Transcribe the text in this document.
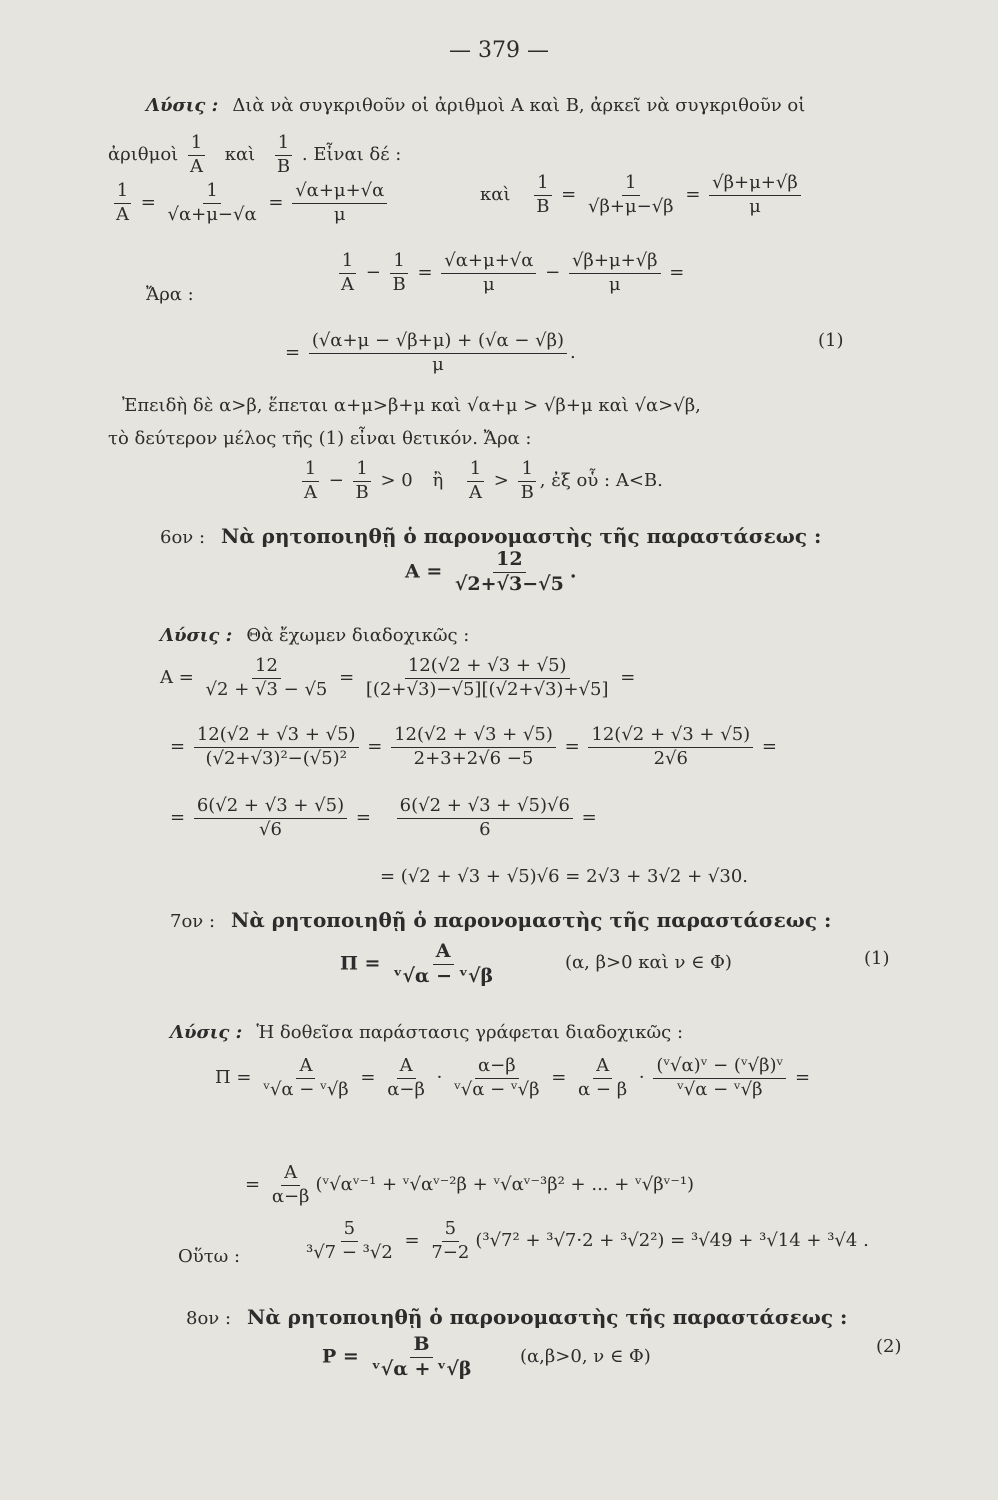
— 379 —
Λύσις : Διὰ νὰ συγκριθοῦν οἱ ἀριθμοὶ Α καὶ Β, ἀρκεῖ νὰ συγκριθοῦν οἱ
ἀριθμοὶ $\frac{1}{A}$ καὶ $\frac{1}{B}$ . Εἶναι δέ :
$\frac{1}{A} = \frac{1}{√\alpha+\mu-√\alpha} = \frac{√\alpha+\mu+√\alpha}{\mu}$	καὶ $\frac{1}{B} = \frac{1}{√\beta+\mu-√\beta} = \frac{√\beta+\mu+√\beta}{\mu}$
Ἄρα :	$\frac{1}{A} - \frac{1}{B} = \frac{√\alpha+\mu+√\alpha}{\mu} - \frac{√\beta+\mu+√\beta}{\mu}$ =
= $\frac{(√\alpha+\mu - √\beta+\mu) + (√\alpha - √\beta)}{\mu}$ .
(1)
Ἐπειδὴ δὲ α>β, ἕπεται α+μ>β+μ καὶ √α+μ > √β+μ καὶ √α>√β,
τὸ δεύτερον μέλος τῆς (1) εἶναι θετικόν. Ἄρα :
$\frac{1}{A} - \frac{1}{B} > 0$ ἢ $\frac{1}{A} > \frac{1}{B}$ , ἐξ οὗ : Α<Β.
6ον : Νὰ ρητοποιηθῇ ὁ παρονομαστὴς τῆς παραστάσεως :
$A = \frac{12}{√2+√3-√5}$ .
Λύσις : Θὰ ἔχωμεν διαδοχικῶς :
$A = \frac{12}{√2 + √3 - √5} = \frac{12(√2 + √3 + √5)}{[(2+√3)-√5][(√2+√3)+√5]}$ =
= $\frac{12(√2 + √3 + √5)}{\text{(√2+√3)²−(√5)²}} = \frac{12(√2 + √3 + √5)}{2+3+2√6 -5} = \frac{12(√2 + √3 + √5)}{2√6}$ =
= $\frac{6(√2 + √3 + √5)}{√6} = \frac{6(√2 + √3 + √5)√6}{6}$ =
= (√2 + √3 + √5)√6 = 2√3 + 3√2 + √30.
7ον : Νὰ ρητοποιηθῇ ὁ παρονομαστὴς τῆς παραστάσεως :
$\Pi = \frac{A}{\text{ᵛ√α − ᵛ√β}}$	(α, β>0 καὶ ν ∈ Φ)	(1)
Λύσις : Ἡ δοθεῖσα παράστασις γράφεται διαδοχικῶς :
$\Pi = \frac{A}{\text{ᵛ√α − ᵛ√β}} = \frac{A}{\alpha-\beta} \cdot \frac{\alpha-\beta}{\text{ᵛ√α − ᵛ√β}} = \frac{A}{\alpha - \beta} \cdot \frac{\text{(ᵛ√α)ᵛ − (ᵛ√β)ᵛ}}{\text{ᵛ√α − ᵛ√β}}$ =
= $\frac{A}{\alpha-\beta}$ (ᵛ√αᵛ⁻¹ + ᵛ√αᵛ⁻²β + ᵛ√αᵛ⁻³β² + ... + ᵛ√βᵛ⁻¹)
Οὕτω :	$\frac{5}{\text{³√7 − ³√2}} = \frac{5}{7-2} (^3√7^2 + ^3√7\cdot 2 + ^3√2^2) = ^3√49 + ^3√14 + ^3√4$ .
8ον : Νὰ ρητοποιηθῇ ὁ παρονομαστὴς τῆς παραστάσεως :
$P = \frac{B}{\text{ᵛ√α + ᵛ√β}}$	(α,β>0, ν ∈ Φ)	(2)
